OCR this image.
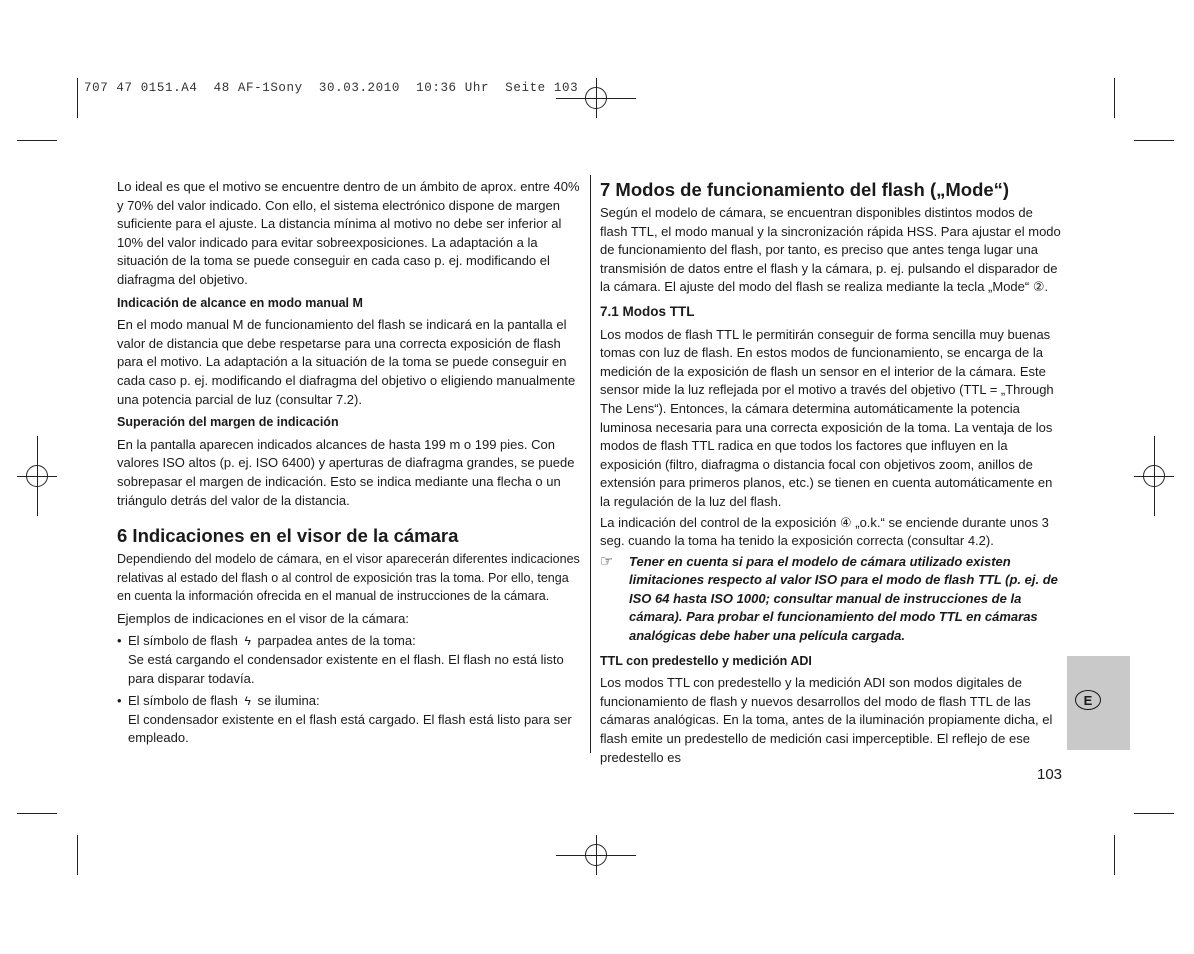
707 47 0151.A4  48 AF-1Sony  30.03.2010  10:36 Uhr  Seite 103

Lo ideal es que el motivo se encuentre dentro de un ámbito de aprox. entre 40% y 70% del valor indicado. Con ello, el sistema electrónico dispone de margen suficiente para el ajuste. La distancia mínima al motivo no debe ser inferior al 10% del valor indicado para evitar sobreexposiciones. La adaptación a la situación de la toma se puede conseguir en cada caso p. ej. modificando el diafragma del objetivo.

Indicación de alcance en modo manual M

En el modo manual M de funcionamiento del flash se indicará en la pantalla el valor de distancia que debe respetarse para una correcta exposición de flash para el motivo. La adaptación a la situación de la toma se puede conseguir en cada caso p. ej. modificando el diafragma del objetivo o eligiendo manualmente una potencia parcial de luz (consultar 7.2).

Superación del margen de indicación

En la pantalla aparecen indicados alcances de hasta 199 m o 199 pies. Con valores ISO altos (p. ej. ISO 6400) y aperturas de diafragma grandes, se puede sobrepasar el margen de indicación. Esto se indica mediante una flecha o un triángulo detrás del valor de la distancia.

6 Indicaciones en el visor de la cámara

Dependiendo del modelo de cámara, en el visor aparecerán diferentes indicaciones relativas al estado del flash o al control de exposición tras la toma. Por ello, tenga en cuenta la información ofrecida en el manual de instrucciones de la cámara.

Ejemplos de indicaciones en el visor de la cámara:

• El símbolo de flash ϟ parpadea antes de la toma:
Se está cargando el condensador existente en el flash. El flash no está listo para disparar todavía.
• El símbolo de flash ϟ se ilumina:
El condensador existente en el flash está cargado. El flash está listo para ser empleado.

7 Modos de funcionamiento del flash („Mode“)

Según el modelo de cámara, se encuentran disponibles distintos modos de flash TTL, el modo manual y la sincronización rápida HSS. Para ajustar el modo de funcionamiento del flash, por tanto, es preciso que antes tenga lugar una transmisión de datos entre el flash y la cámara, p. ej. pulsando el disparador de la cámara. El ajuste del modo del flash se realiza mediante la tecla „Mode“ ②.

7.1 Modos TTL

Los modos de flash TTL le permitirán conseguir de forma sencilla muy buenas tomas con luz de flash. En estos modos de funcionamiento, se encarga de la medición de la exposición de flash un sensor en el interior de la cámara. Este sensor mide la luz reflejada por el motivo a través del objetivo (TTL = „Through The Lens“). Entonces, la cámara determina automáticamente la potencia luminosa necesaria para una correcta exposición de la toma. La ventaja de los modos de flash TTL radica en que todos los factores que influyen en la exposición (filtro, diafragma o distancia focal con objetivos zoom, anillos de extensión para primeros planos, etc.) se tienen en cuenta automáticamente en la regulación de la luz del flash.

La indicación del control de la exposición ④ „o.k.“ se enciende durante unos 3 seg. cuando la toma ha tenido la exposición correcta (consultar 4.2).

☞	Tener en cuenta si para el modelo de cámara utilizado existen limitaciones respecto al valor ISO para el modo de flash TTL (p. ej. de ISO 64 hasta ISO 1000; consultar manual de instrucciones de la cámara). Para probar el funcionamiento del modo TTL en cámaras analógicas debe haber una película cargada.

TTL con predestello y medición ADI

Los modos TTL con predestello y la medición ADI son modos digitales de funcionamiento de flash y nuevos desarrollos del modo de flash TTL de las cámaras analógicas. En la toma, antes de la iluminación propiamente dicha, el flash emite un predestello de medición casi imperceptible. El reflejo de ese predestello es

E
103
